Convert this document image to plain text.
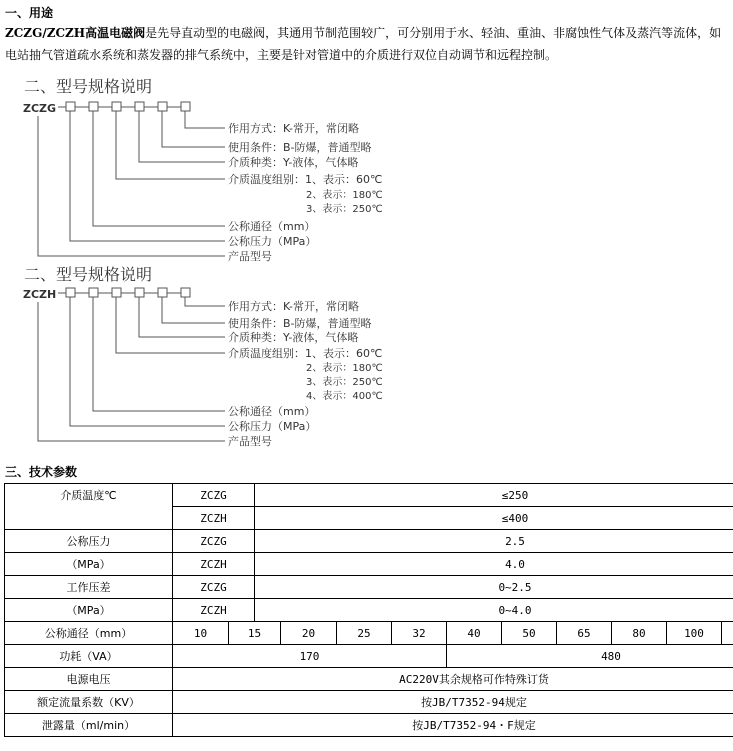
一、用途
ZCZG/ZCZH高温电磁阀是先导直动型的电磁阀，其通用节制范围较广，可分别用于水、轻油、重油、非腐蚀性气体及蒸汽等流体，如电站抽气管道疏水系统和蒸发器的排气系统中，主要是针对管道中的介质进行双位自动调节和远程控制。
二、型号规格说明
ZCZG
作用方式：K-常开，常闭略
使用条件：B-防爆，普通型略
介质种类：Y-液体，气体略
介质温度组别：1、表示：60℃
2、表示：180℃
3、表示：250℃
公称通径（mm）
公称压力（MPa）
产品型号
二、型号规格说明
ZCZH
作用方式：K-常开，常闭略
使用条件：B-防爆，普通型略
介质种类：Y-液体，气体略
介质温度组别：1、表示：60℃
2、表示：180℃
3、表示：250℃
4、表示：400℃
公称通径（mm）
公称压力（MPa）
产品型号
三、技术参数
介质温度℃	ZCZG		≤250								
	ZCZH		≤400								
公称压力	ZCZG		2.5								
（MPa）	ZCZH		4.0								
工作压差	ZCZG		0~2.5								
（MPa）	ZCZH		0~4.0								
公称通径（mm）	10	15		20	25	32	40	50	65	80	100
功耗（VA）	170						480				
电源电压	AC220V其余规格可作特殊订货										
额定流量系数（KV）	按JB/T7352-94规定										
泄露量（ml/min）	按JB/T7352-94・F规定										
